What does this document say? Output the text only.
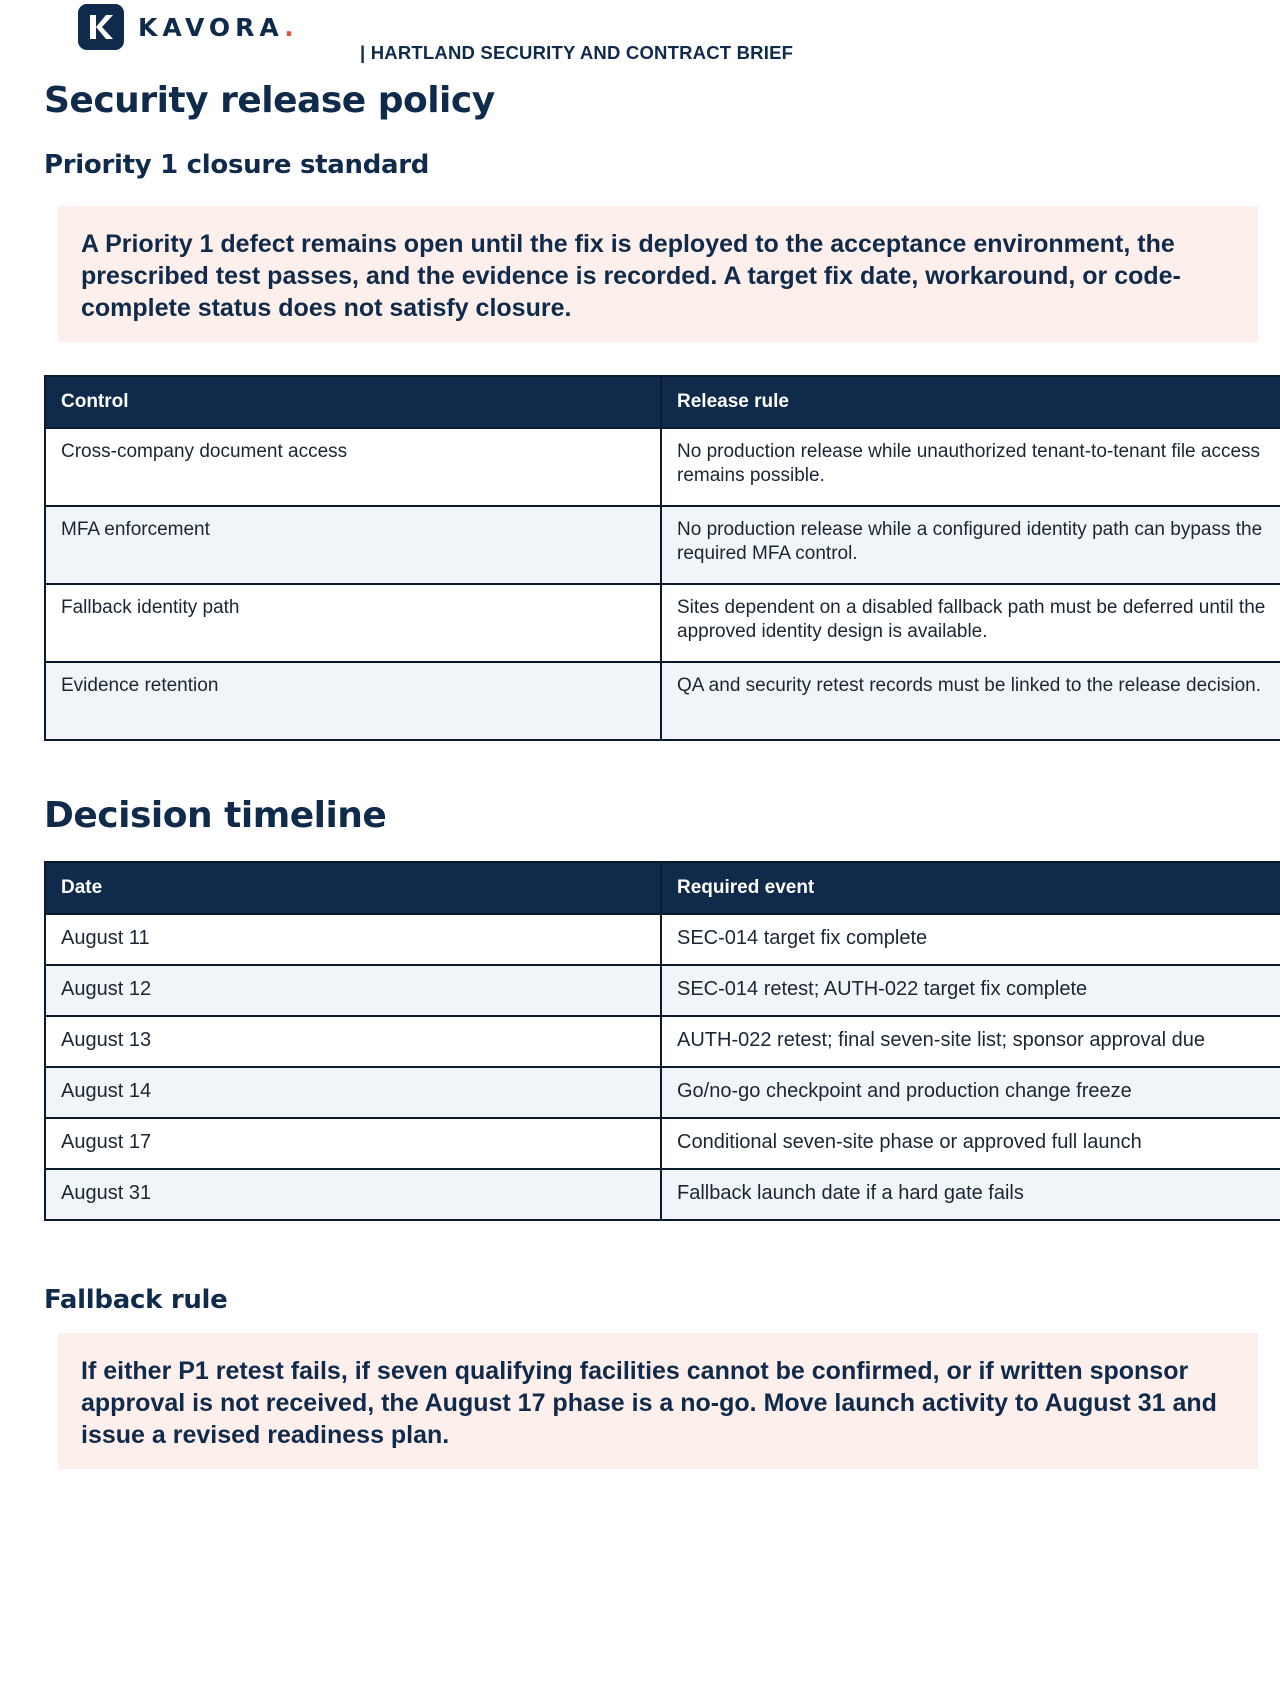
KAVORA.
| HARTLAND SECURITY AND CONTRACT BRIEF
Security release policy
Priority 1 closure standard
A Priority 1 defect remains open until the fix is deployed to the acceptance environment, the prescribed test passes, and the evidence is recorded. A target fix date, workaround, or code-complete status does not satisfy closure.
Control	Release rule
Cross-company document access	No production release while unauthorized tenant-to-tenant file access remains possible.
MFA enforcement	No production release while a configured identity path can bypass the required MFA control.
Fallback identity path	Sites dependent on a disabled fallback path must be deferred until the approved identity design is available.
Evidence retention	QA and security retest records must be linked to the release decision.
Decision timeline
Date	Required event
August 11	SEC-014 target fix complete
August 12	SEC-014 retest; AUTH-022 target fix complete
August 13	AUTH-022 retest; final seven-site list; sponsor approval due
August 14	Go/no-go checkpoint and production change freeze
August 17	Conditional seven-site phase or approved full launch
August 31	Fallback launch date if a hard gate fails
Fallback rule
If either P1 retest fails, if seven qualifying facilities cannot be confirmed, or if written sponsor approval is not received, the August 17 phase is a no-go. Move launch activity to August 31 and issue a revised readiness plan.
